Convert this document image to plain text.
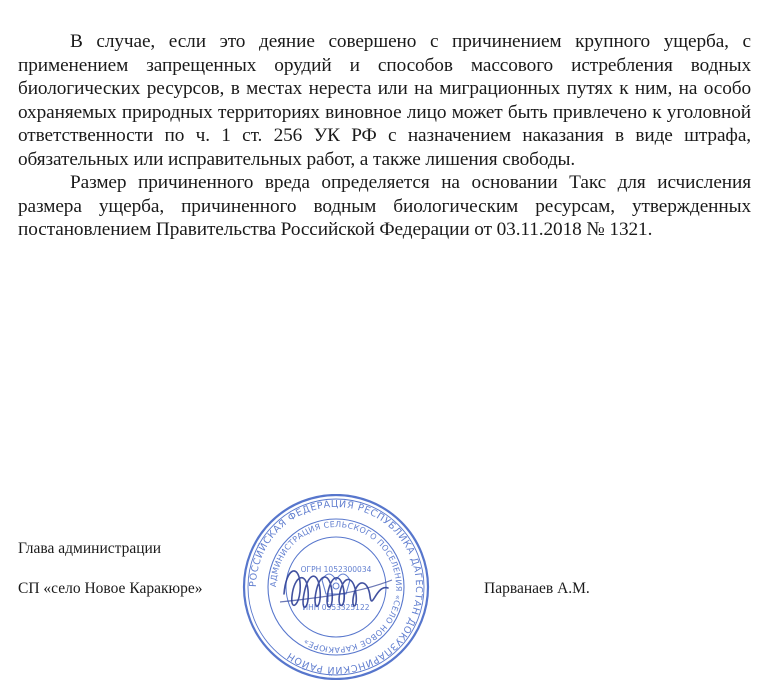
В случае, если это деяние совершено с причинением крупного ущерба, с применением запрещенных орудий и способов массового истребления водных биологических ресурсов, в местах нереста или на миграционных путях к ним, на особо охраняемых природных территориях виновное лицо может быть привлечено к уголовной ответственности по ч. 1 ст. 256 УК РФ с назначением наказания в виде штрафа, обязательных или исправительных работ, а также лишения свободы.

Размер причиненного вреда определяется на основании Такс для исчисления размера ущерба, причиненного водным биологическим ресурсам, утвержденных постановлением Правительства Российской Федерации от 03.11.2018 № 1321.

Глава администрации
СП «село Новое Каракюре»	Парванаев А.М.
РОССИЙСКАЯ ФЕДЕРАЦИЯ РЕСПУБЛИКА ДАГЕСТАН ДОКУЗПАРИНСКИЙ РАЙОН
АДМИНИСТРАЦИЯ СЕЛЬСКОГО ПОСЕЛЕНИЯ «СЕЛО НОВОЕ КАРАКЮРЕ»
ОГРН 1052300034
ИНН 0553325122
